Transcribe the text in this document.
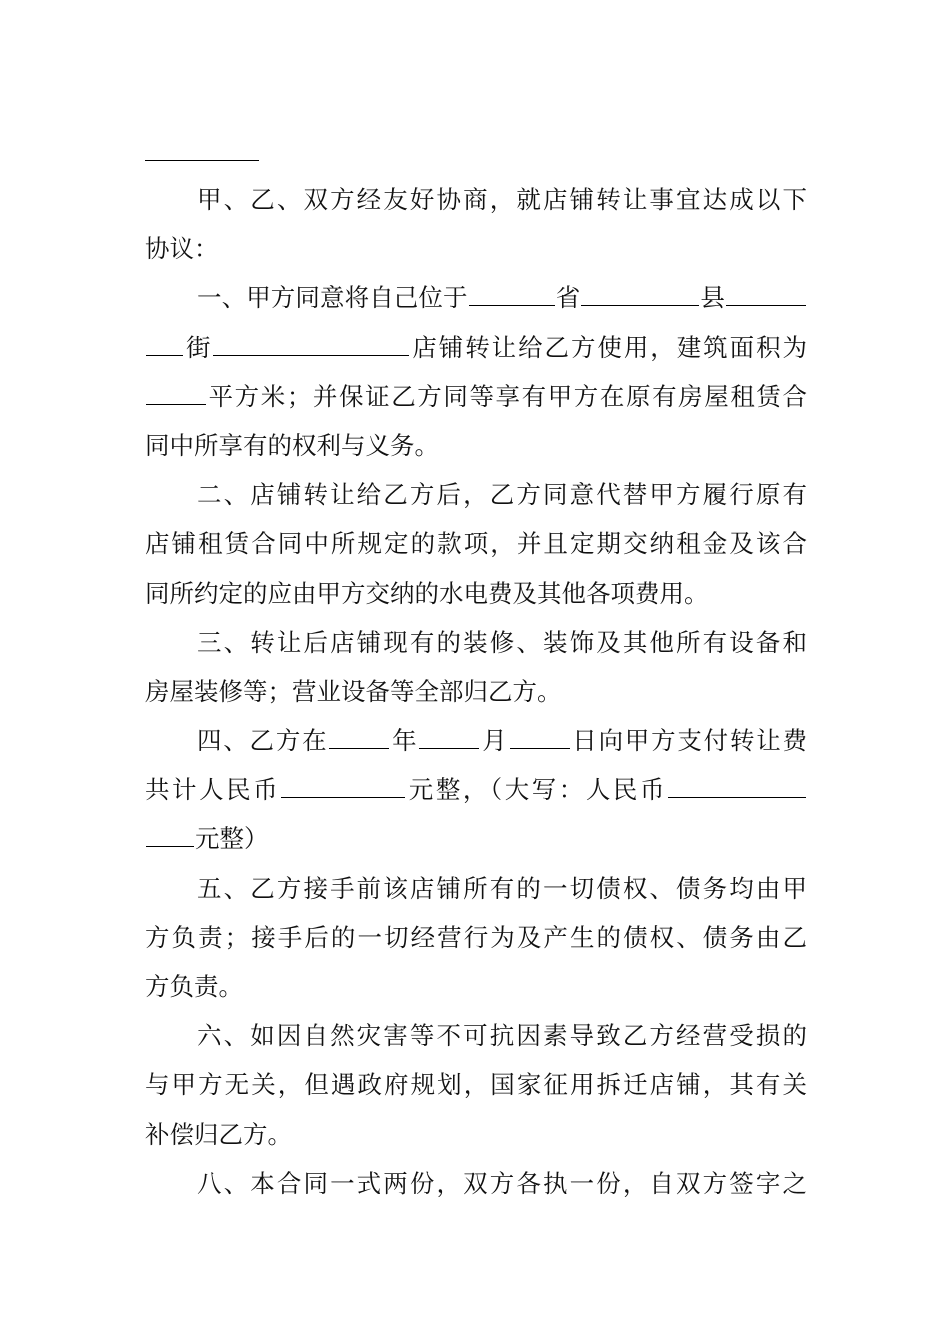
甲、乙、双方经友好协商，就店铺转让事宜达成以下
协议：
一、甲方同意将自己位于	省	县
街	店铺转让给乙方使用，建筑面积为
平方米；并保证乙方同等享有甲方在原有房屋租赁合
同中所享有的权利与义务。
二、店铺转让给乙方后，乙方同意代替甲方履行原有
店铺租赁合同中所规定的款项，并且定期交纳租金及该合
同所约定的应由甲方交纳的水电费及其他各项费用。
三、转让后店铺现有的装修、装饰及其他所有设备和
房屋装修等；营业设备等全部归乙方。
四、乙方在	年	月	日向甲方支付转让费
共计人民币	元整，（大写：人民币
元整）
五、乙方接手前该店铺所有的一切债权、债务均由甲
方负责；接手后的一切经营行为及产生的债权、债务由乙
方负责。
六、如因自然灾害等不可抗因素导致乙方经营受损的
与甲方无关，但遇政府规划，国家征用拆迁店铺，其有关
补偿归乙方。
八、本合同一式两份，双方各执一份，自双方签字之
